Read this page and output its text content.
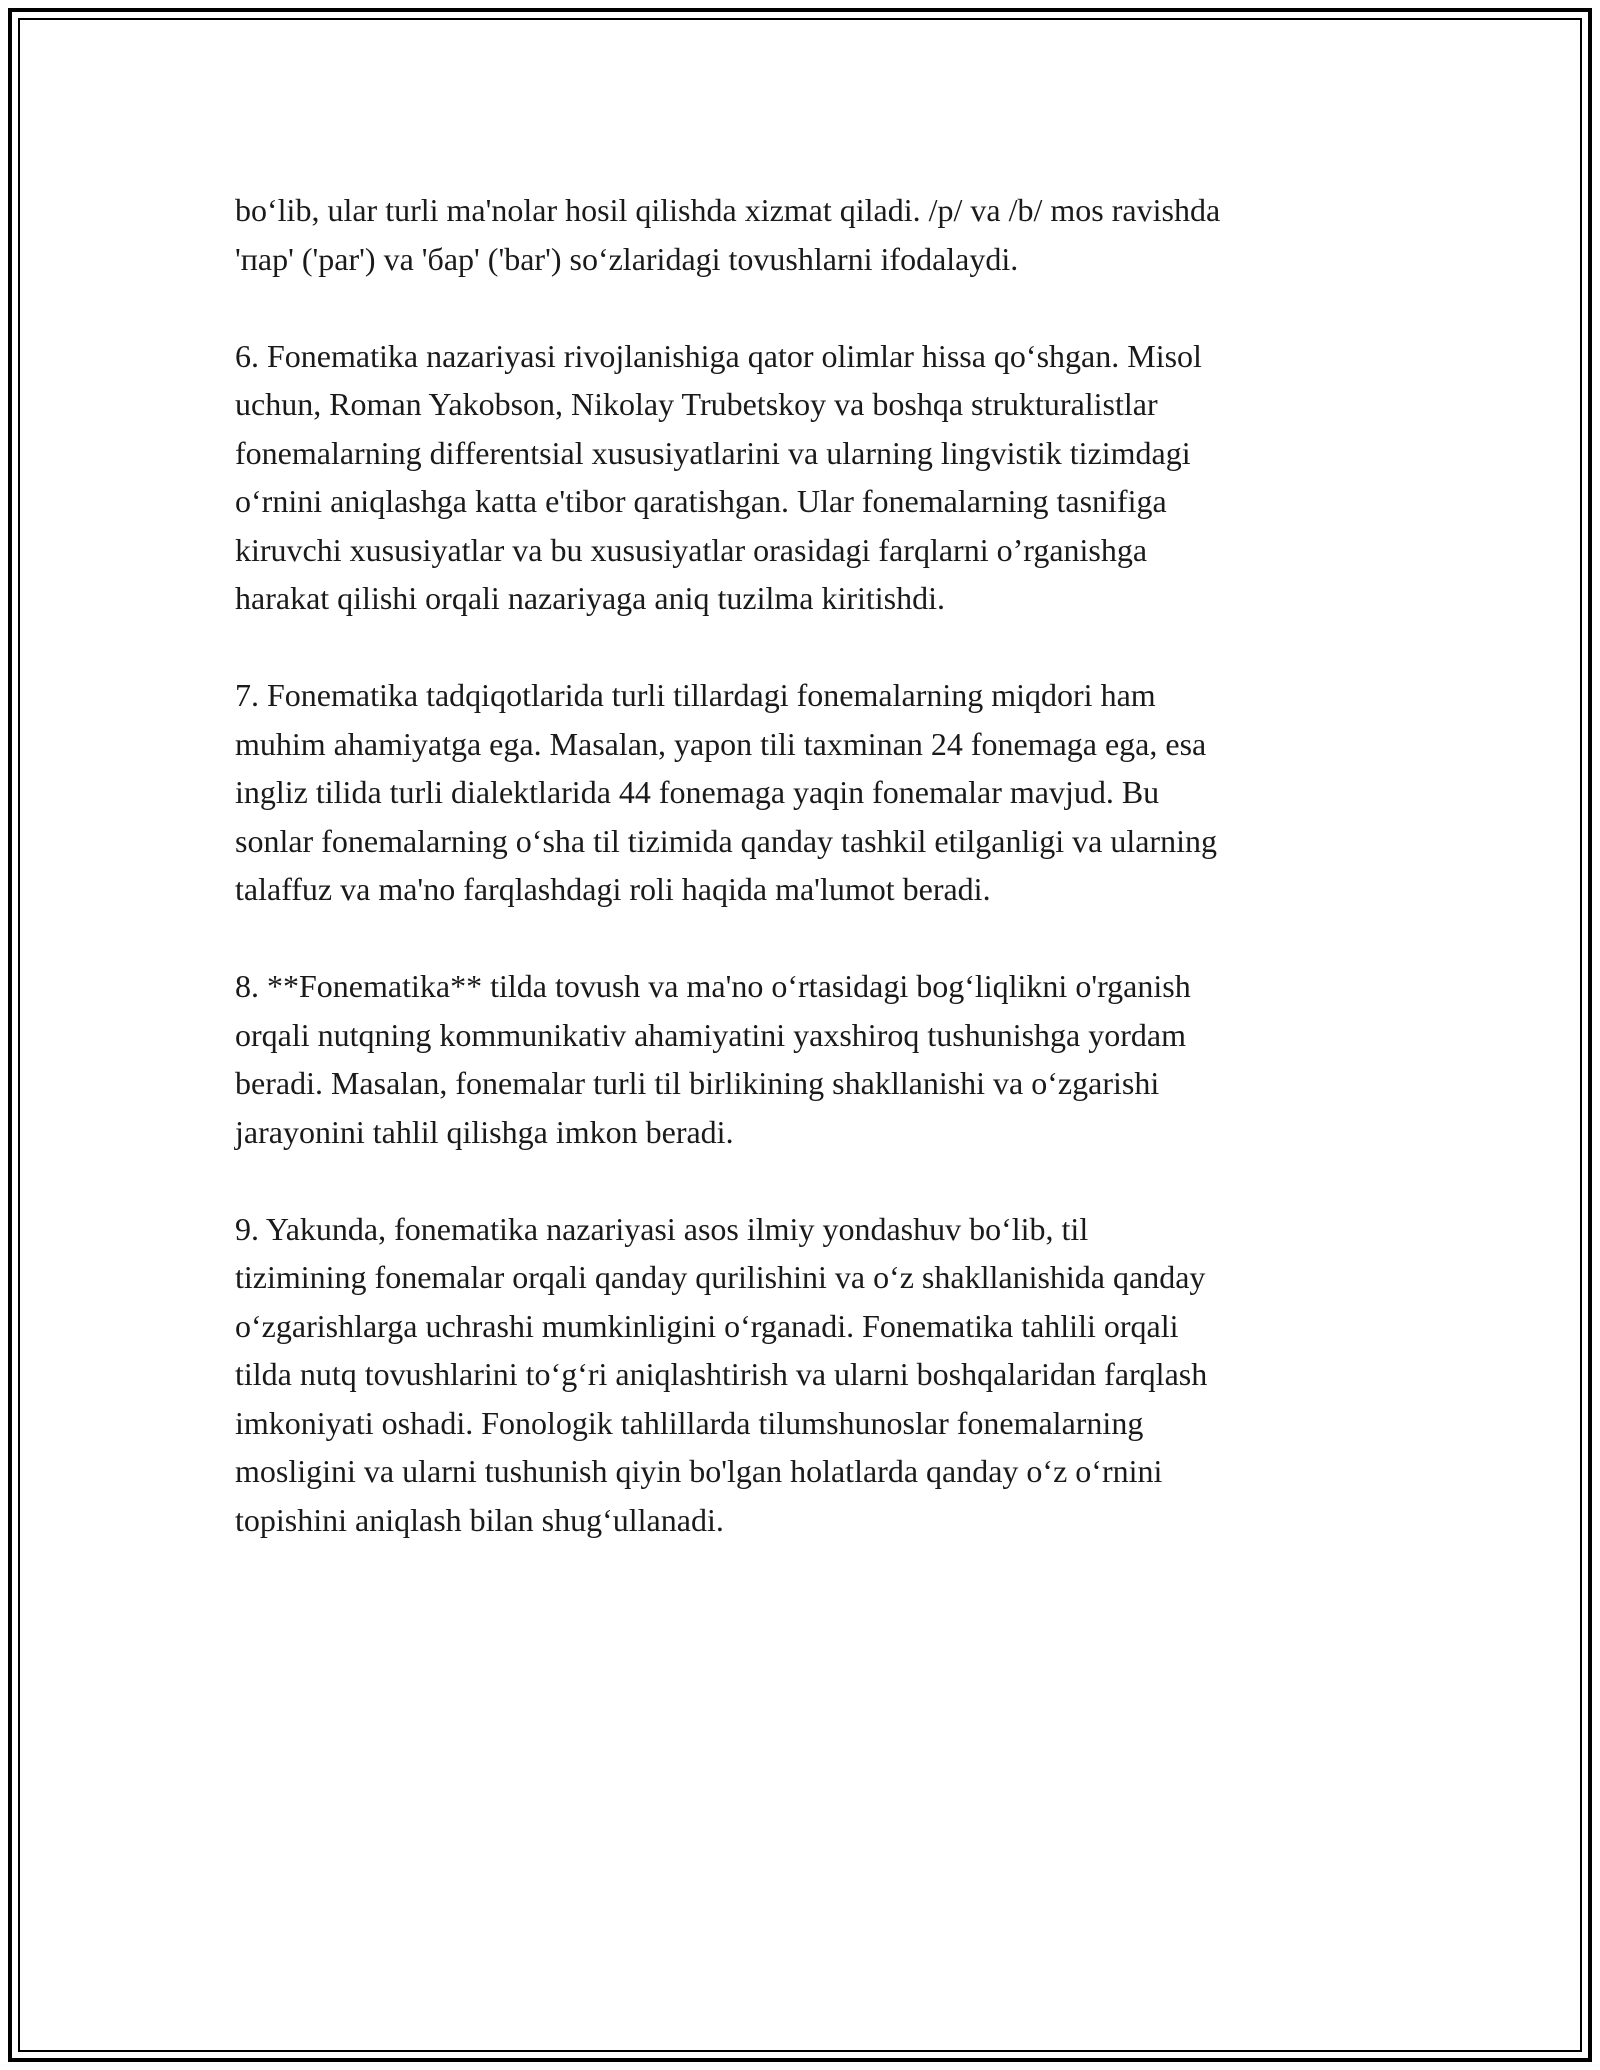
bo‘lib, ular turli ma'nolar hosil qilishda xizmat qiladi. /p/ va /b/ mos ravishda
'пар' ('par') va 'бар' ('bar') so‘zlaridagi tovushlarni ifodalaydi.

6. Fonematika nazariyasi rivojlanishiga qator olimlar hissa qo‘shgan. Misol
uchun, Roman Yakobson, Nikolay Trubetskoy va boshqa strukturalistlar
fonemalarning differentsial xususiyatlarini va ularning lingvistik tizimdagi
o‘rnini aniqlashga katta e'tibor qaratishgan. Ular fonemalarning tasnifiga
kiruvchi xususiyatlar va bu xususiyatlar orasidagi farqlarni o’rganishga
harakat qilishi orqali nazariyaga aniq tuzilma kiritishdi.

7. Fonematika tadqiqotlarida turli tillardagi fonemalarning miqdori ham
muhim ahamiyatga ega. Masalan, yapon tili taxminan 24 fonemaga ega, esa
ingliz tilida turli dialektlarida 44 fonemaga yaqin fonemalar mavjud. Bu
sonlar fonemalarning o‘sha til tizimida qanday tashkil etilganligi va ularning
talaffuz va ma'no farqlashdagi roli haqida ma'lumot beradi.

8. **Fonematika** tilda tovush va ma'no o‘rtasidagi bog‘liqlikni o'rganish
orqali nutqning kommunikativ ahamiyatini yaxshiroq tushunishga yordam
beradi. Masalan, fonemalar turli til birlikining shakllanishi va o‘zgarishi
jarayonini tahlil qilishga imkon beradi.

9. Yakunda, fonematika nazariyasi asos ilmiy yondashuv bo‘lib, til
tizimining fonemalar orqali qanday qurilishini va o‘z shakllanishida qanday
o‘zgarishlarga uchrashi mumkinligini o‘rganadi. Fonematika tahlili orqali
tilda nutq tovushlarini to‘g‘ri aniqlashtirish va ularni boshqalaridan farqlash
imkoniyati oshadi. Fonologik tahlillarda tilumshunoslar fonemalarning
mosligini va ularni tushunish qiyin bo'lgan holatlarda qanday o‘z o‘rnini
topishini aniqlash bilan shug‘ullanadi.
